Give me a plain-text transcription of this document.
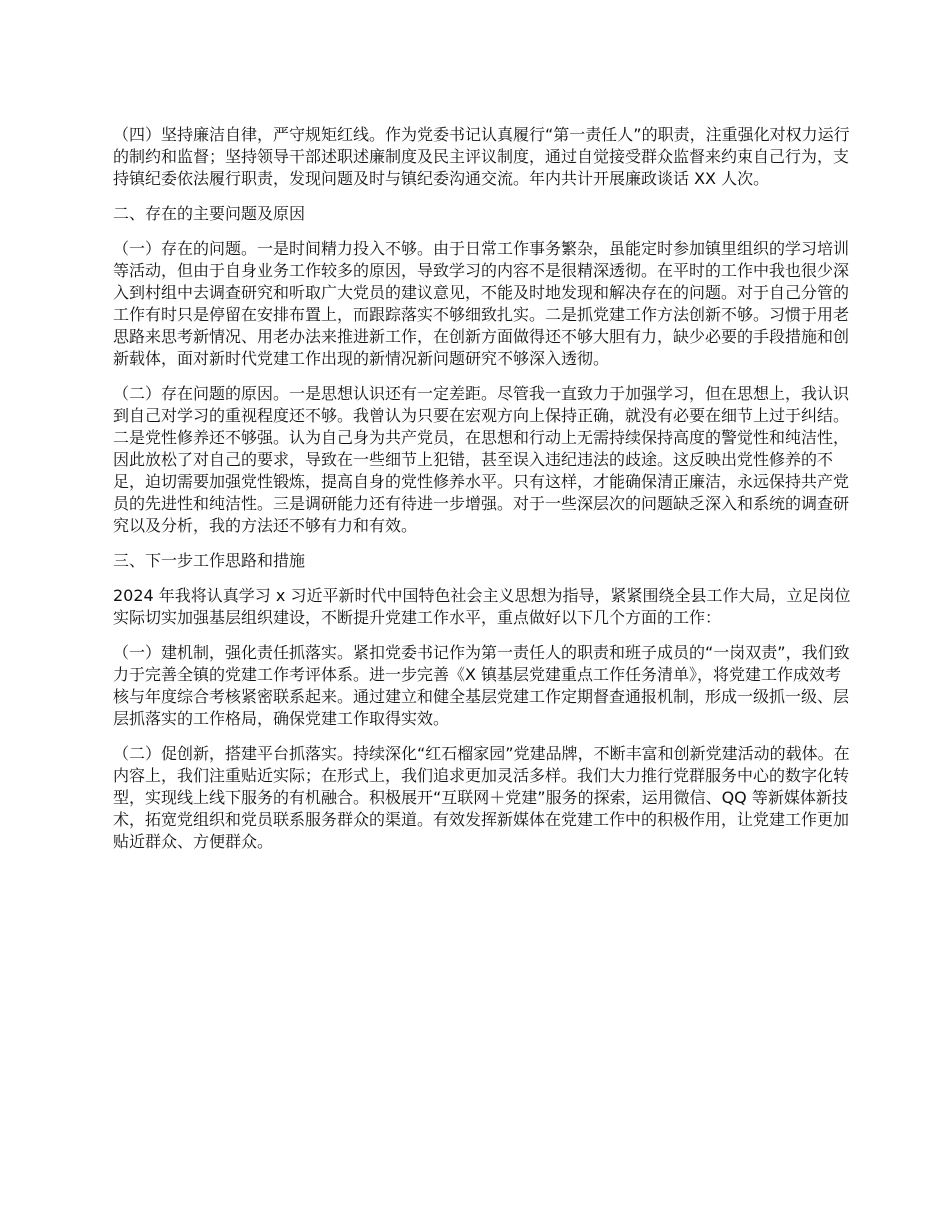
（四）坚持廉洁自律，严守规矩红线。作为党委书记认真履行“第一责任人”的职责，注重强化对权力运行的制约和监督；坚持领导干部述职述廉制度及民主评议制度，通过自觉接受群众监督来约束自己行为，支持镇纪委依法履行职责，发现问题及时与镇纪委沟通交流。年内共计开展廉政谈话 XX 人次。

二、存在的主要问题及原因

（一）存在的问题。一是时间精力投入不够。由于日常工作事务繁杂，虽能定时参加镇里组织的学习培训等活动，但由于自身业务工作较多的原因，导致学习的内容不是很精深透彻。在平时的工作中我也很少深入到村组中去调查研究和听取广大党员的建议意见，不能及时地发现和解决存在的问题。对于自己分管的工作有时只是停留在安排布置上，而跟踪落实不够细致扎实。二是抓党建工作方法创新不够。习惯于用老思路来思考新情况、用老办法来推进新工作，在创新方面做得还不够大胆有力，缺少必要的手段措施和创新载体，面对新时代党建工作出现的新情况新问题研究不够深入透彻。

（二）存在问题的原因。一是思想认识还有一定差距。尽管我一直致力于加强学习，但在思想上，我认识到自己对学习的重视程度还不够。我曾认为只要在宏观方向上保持正确，就没有必要在细节上过于纠结。二是党性修养还不够强。认为自己身为共产党员，在思想和行动上无需持续保持高度的警觉性和纯洁性，因此放松了对自己的要求，导致在一些细节上犯错，甚至误入违纪违法的歧途。这反映出党性修养的不足，迫切需要加强党性锻炼，提高自身的党性修养水平。只有这样，才能确保清正廉洁，永远保持共产党员的先进性和纯洁性。三是调研能力还有待进一步增强。对于一些深层次的问题缺乏深入和系统的调查研究以及分析，我的方法还不够有力和有效。

三、下一步工作思路和措施

2024 年我将认真学习 x 习近平新时代中国特色社会主义思想为指导，紧紧围绕全县工作大局，立足岗位实际切实加强基层组织建设，不断提升党建工作水平，重点做好以下几个方面的工作：

（一）建机制，强化责任抓落实。紧扣党委书记作为第一责任人的职责和班子成员的“一岗双责”，我们致力于完善全镇的党建工作考评体系。进一步完善《X 镇基层党建重点工作任务清单》，将党建工作成效考核与年度综合考核紧密联系起来。通过建立和健全基层党建工作定期督查通报机制，形成一级抓一级、层层抓落实的工作格局，确保党建工作取得实效。

（二）促创新，搭建平台抓落实。持续深化“红石榴家园”党建品牌，不断丰富和创新党建活动的载体。在内容上，我们注重贴近实际；在形式上，我们追求更加灵活多样。我们大力推行党群服务中心的数字化转型，实现线上线下服务的有机融合。积极展开“互联网＋党建”服务的探索，运用微信、QQ 等新媒体新技术，拓宽党组织和党员联系服务群众的渠道。有效发挥新媒体在党建工作中的积极作用，让党建工作更加贴近群众、方便群众。
